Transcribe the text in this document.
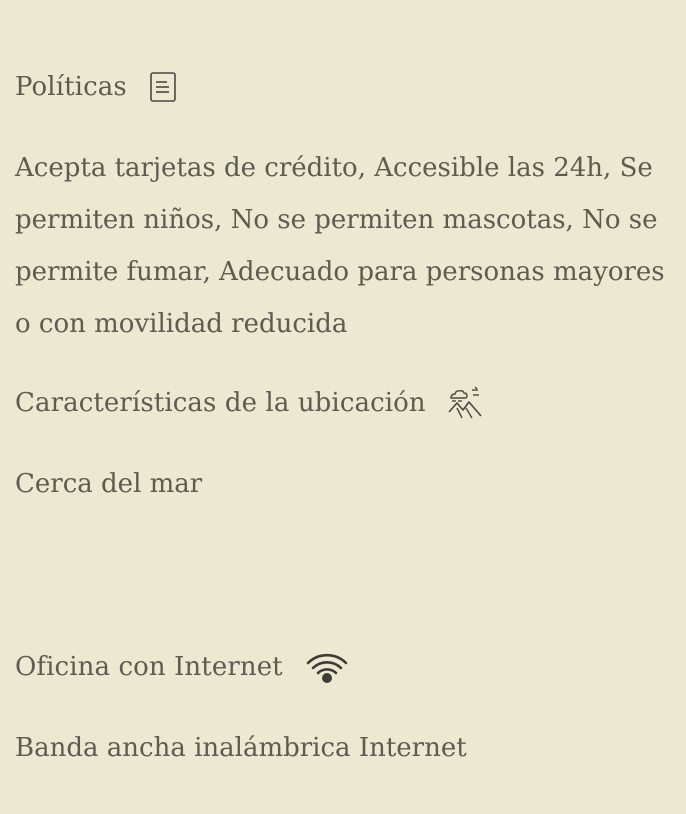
Políticas
Acepta tarjetas de crédito, Accesible las 24h, Se permiten niños, No se permiten mascotas, No se permite fumar, Adecuado para personas mayores o con movilidad reducida
Características de la ubicación
Cerca del mar
Oficina con Internet
Banda ancha inalámbrica Internet
